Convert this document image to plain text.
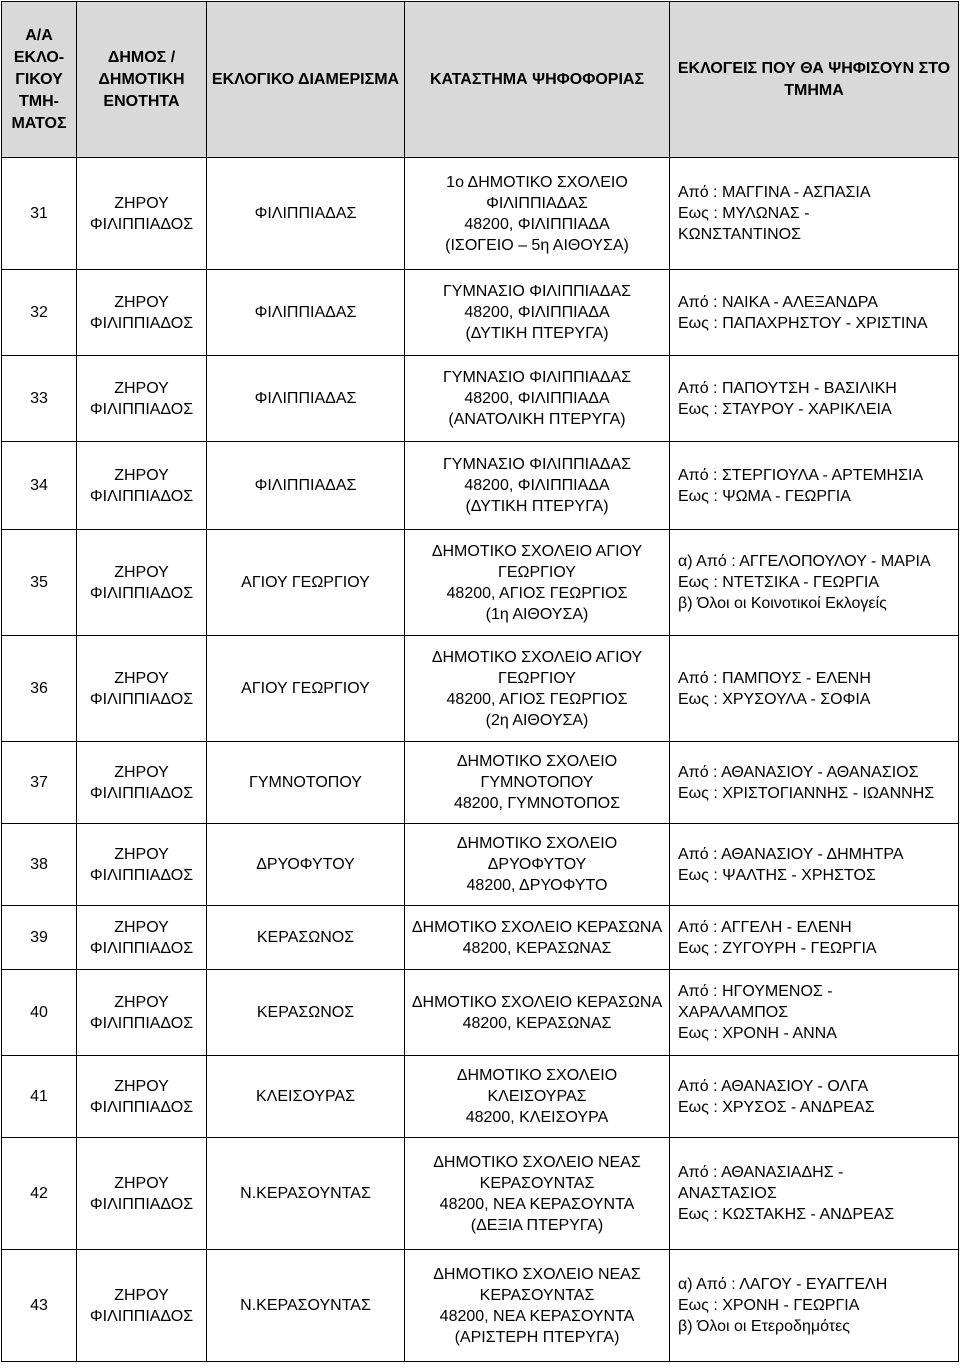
Α/Α ΕΚΛΟ-ΓΙΚΟΥ ΤΜΗ-ΜΑΤΟΣ	ΔΗΜΟΣ / ΔΗΜΟΤΙΚΗ ΕΝΟΤΗΤΑ	ΕΚΛΟΓΙΚΟ ΔΙΑΜΕΡΙΣΜΑ	ΚΑΤΑΣΤΗΜΑ ΨΗΦΟΦΟΡΙΑΣ	ΕΚΛΟΓΕΙΣ ΠΟΥ ΘΑ ΨΗΦΙΣΟΥΝ ΣΤΟ ΤΜΗΜΑ

31	ΖΗΡΟΥ
ΦΙΛΙΠΠΙΑΔΟΣ	ΦΙΛΙΠΠΙΑΔΑΣ	1ο ΔΗΜΟΤΙΚΟ ΣΧΟΛΕΙΟ
ΦΙΛΙΠΠΙΑΔΑΣ
48200, ΦΙΛΙΠΠΙΑΔΑ
(ΙΣΟΓΕΙΟ – 5η ΑΙΘΟΥΣΑ)	Από : ΜΑΓΓΙΝΑ - ΑΣΠΑΣΙΑ
Εως : ΜΥΛΩΝΑΣ -
ΚΩΝΣΤΑΝΤΙΝΟΣ

32	ΖΗΡΟΥ
ΦΙΛΙΠΠΙΑΔΟΣ	ΦΙΛΙΠΠΙΑΔΑΣ	ΓΥΜΝΑΣΙΟ ΦΙΛΙΠΠΙΑΔΑΣ
48200, ΦΙΛΙΠΠΙΑΔΑ
(ΔΥΤΙΚΗ ΠΤΕΡΥΓΑ)	Από : ΝΑΙΚΑ - ΑΛΕΞΑΝΔΡΑ
Εως : ΠΑΠΑΧΡΗΣΤΟΥ - ΧΡΙΣΤΙΝΑ

33	ΖΗΡΟΥ
ΦΙΛΙΠΠΙΑΔΟΣ	ΦΙΛΙΠΠΙΑΔΑΣ	ΓΥΜΝΑΣΙΟ ΦΙΛΙΠΠΙΑΔΑΣ
48200, ΦΙΛΙΠΠΙΑΔΑ
(ΑΝΑΤΟΛΙΚΗ ΠΤΕΡΥΓΑ)	Από : ΠΑΠΟΥΤΣΗ - ΒΑΣΙΛΙΚΗ
Εως : ΣΤΑΥΡΟΥ - ΧΑΡΙΚΛΕΙΑ

34	ΖΗΡΟΥ
ΦΙΛΙΠΠΙΑΔΟΣ	ΦΙΛΙΠΠΙΑΔΑΣ	ΓΥΜΝΑΣΙΟ ΦΙΛΙΠΠΙΑΔΑΣ
48200, ΦΙΛΙΠΠΙΑΔΑ
(ΔΥΤΙΚΗ ΠΤΕΡΥΓΑ)	Από : ΣΤΕΡΓΙΟΥΛΑ - ΑΡΤΕΜΗΣΙΑ
Εως : ΨΩΜΑ - ΓΕΩΡΓΙΑ

35	ΖΗΡΟΥ
ΦΙΛΙΠΠΙΑΔΟΣ	ΑΓΙΟΥ ΓΕΩΡΓΙΟΥ	ΔΗΜΟΤΙΚΟ ΣΧΟΛΕΙΟ ΑΓΙΟΥ
ΓΕΩΡΓΙΟΥ
48200, ΑΓΙΟΣ ΓΕΩΡΓΙΟΣ
(1η ΑΙΘΟΥΣΑ)	α) Από : ΑΓΓΕΛΟΠΟΥΛΟΥ - ΜΑΡΙΑ
Εως : ΝΤΕΤΣΙΚΑ - ΓΕΩΡΓΙΑ
β) Όλοι οι Κοινοτικοί Εκλογείς

36	ΖΗΡΟΥ
ΦΙΛΙΠΠΙΑΔΟΣ	ΑΓΙΟΥ ΓΕΩΡΓΙΟΥ	ΔΗΜΟΤΙΚΟ ΣΧΟΛΕΙΟ ΑΓΙΟΥ
ΓΕΩΡΓΙΟΥ
48200, ΑΓΙΟΣ ΓΕΩΡΓΙΟΣ
(2η ΑΙΘΟΥΣΑ)	Από : ΠΑΜΠΟΥΣ - ΕΛΕΝΗ
Εως : ΧΡΥΣΟΥΛΑ - ΣΟΦΙΑ

37	ΖΗΡΟΥ
ΦΙΛΙΠΠΙΑΔΟΣ	ΓΥΜΝΟΤΟΠΟΥ	ΔΗΜΟΤΙΚΟ ΣΧΟΛΕΙΟ
ΓΥΜΝΟΤΟΠΟΥ
48200, ΓΥΜΝΟΤΟΠΟΣ	Από : ΑΘΑΝΑΣΙΟΥ - ΑΘΑΝΑΣΙΟΣ
Εως : ΧΡΙΣΤΟΓΙΑΝΝΗΣ - ΙΩΑΝΝΗΣ

38	ΖΗΡΟΥ
ΦΙΛΙΠΠΙΑΔΟΣ	ΔΡΥΟΦΥΤΟΥ	ΔΗΜΟΤΙΚΟ ΣΧΟΛΕΙΟ
ΔΡΥΟΦΥΤΟΥ
48200, ΔΡΥΟΦΥΤΟ	Από : ΑΘΑΝΑΣΙΟΥ - ΔΗΜΗΤΡΑ
Εως : ΨΑΛΤΗΣ - ΧΡΗΣΤΟΣ

39	ΖΗΡΟΥ
ΦΙΛΙΠΠΙΑΔΟΣ	ΚΕΡΑΣΩΝΟΣ	ΔΗΜΟΤΙΚΟ ΣΧΟΛΕΙΟ ΚΕΡΑΣΩΝΑ
48200, ΚΕΡΑΣΩΝΑΣ	Από : ΑΓΓΕΛΗ - ΕΛΕΝΗ
Εως : ΖΥΓΟΥΡΗ - ΓΕΩΡΓΙΑ

40	ΖΗΡΟΥ
ΦΙΛΙΠΠΙΑΔΟΣ	ΚΕΡΑΣΩΝΟΣ	ΔΗΜΟΤΙΚΟ ΣΧΟΛΕΙΟ ΚΕΡΑΣΩΝΑ
48200, ΚΕΡΑΣΩΝΑΣ	Από : ΗΓΟΥΜΕΝΟΣ -
ΧΑΡΑΛΑΜΠΟΣ
Εως : ΧΡΟΝΗ - ΑΝΝΑ

41	ΖΗΡΟΥ
ΦΙΛΙΠΠΙΑΔΟΣ	ΚΛΕΙΣΟΥΡΑΣ	ΔΗΜΟΤΙΚΟ ΣΧΟΛΕΙΟ
ΚΛΕΙΣΟΥΡΑΣ
48200, ΚΛΕΙΣΟΥΡΑ	Από : ΑΘΑΝΑΣΙΟΥ - ΟΛΓΑ
Εως : ΧΡΥΣΟΣ - ΑΝΔΡΕΑΣ

42	ΖΗΡΟΥ
ΦΙΛΙΠΠΙΑΔΟΣ	Ν.ΚΕΡΑΣΟΥΝΤΑΣ	ΔΗΜΟΤΙΚΟ ΣΧΟΛΕΙΟ ΝΕΑΣ
ΚΕΡΑΣΟΥΝΤΑΣ
48200, ΝΕΑ ΚΕΡΑΣΟΥΝΤΑ
(ΔΕΞΙΑ ΠΤΕΡΥΓΑ)	Από : ΑΘΑΝΑΣΙΑΔΗΣ -
ΑΝΑΣΤΑΣΙΟΣ
Εως : ΚΩΣΤΑΚΗΣ - ΑΝΔΡΕΑΣ

43	ΖΗΡΟΥ
ΦΙΛΙΠΠΙΑΔΟΣ	Ν.ΚΕΡΑΣΟΥΝΤΑΣ	ΔΗΜΟΤΙΚΟ ΣΧΟΛΕΙΟ ΝΕΑΣ
ΚΕΡΑΣΟΥΝΤΑΣ
48200, ΝΕΑ ΚΕΡΑΣΟΥΝΤΑ
(ΑΡΙΣΤΕΡΗ ΠΤΕΡΥΓΑ)	α) Από : ΛΑΓΟΥ - ΕΥΑΓΓΕΛΗ
Εως : ΧΡΟΝΗ - ΓΕΩΡΓΙΑ
β) Όλοι οι Ετεροδημότες
